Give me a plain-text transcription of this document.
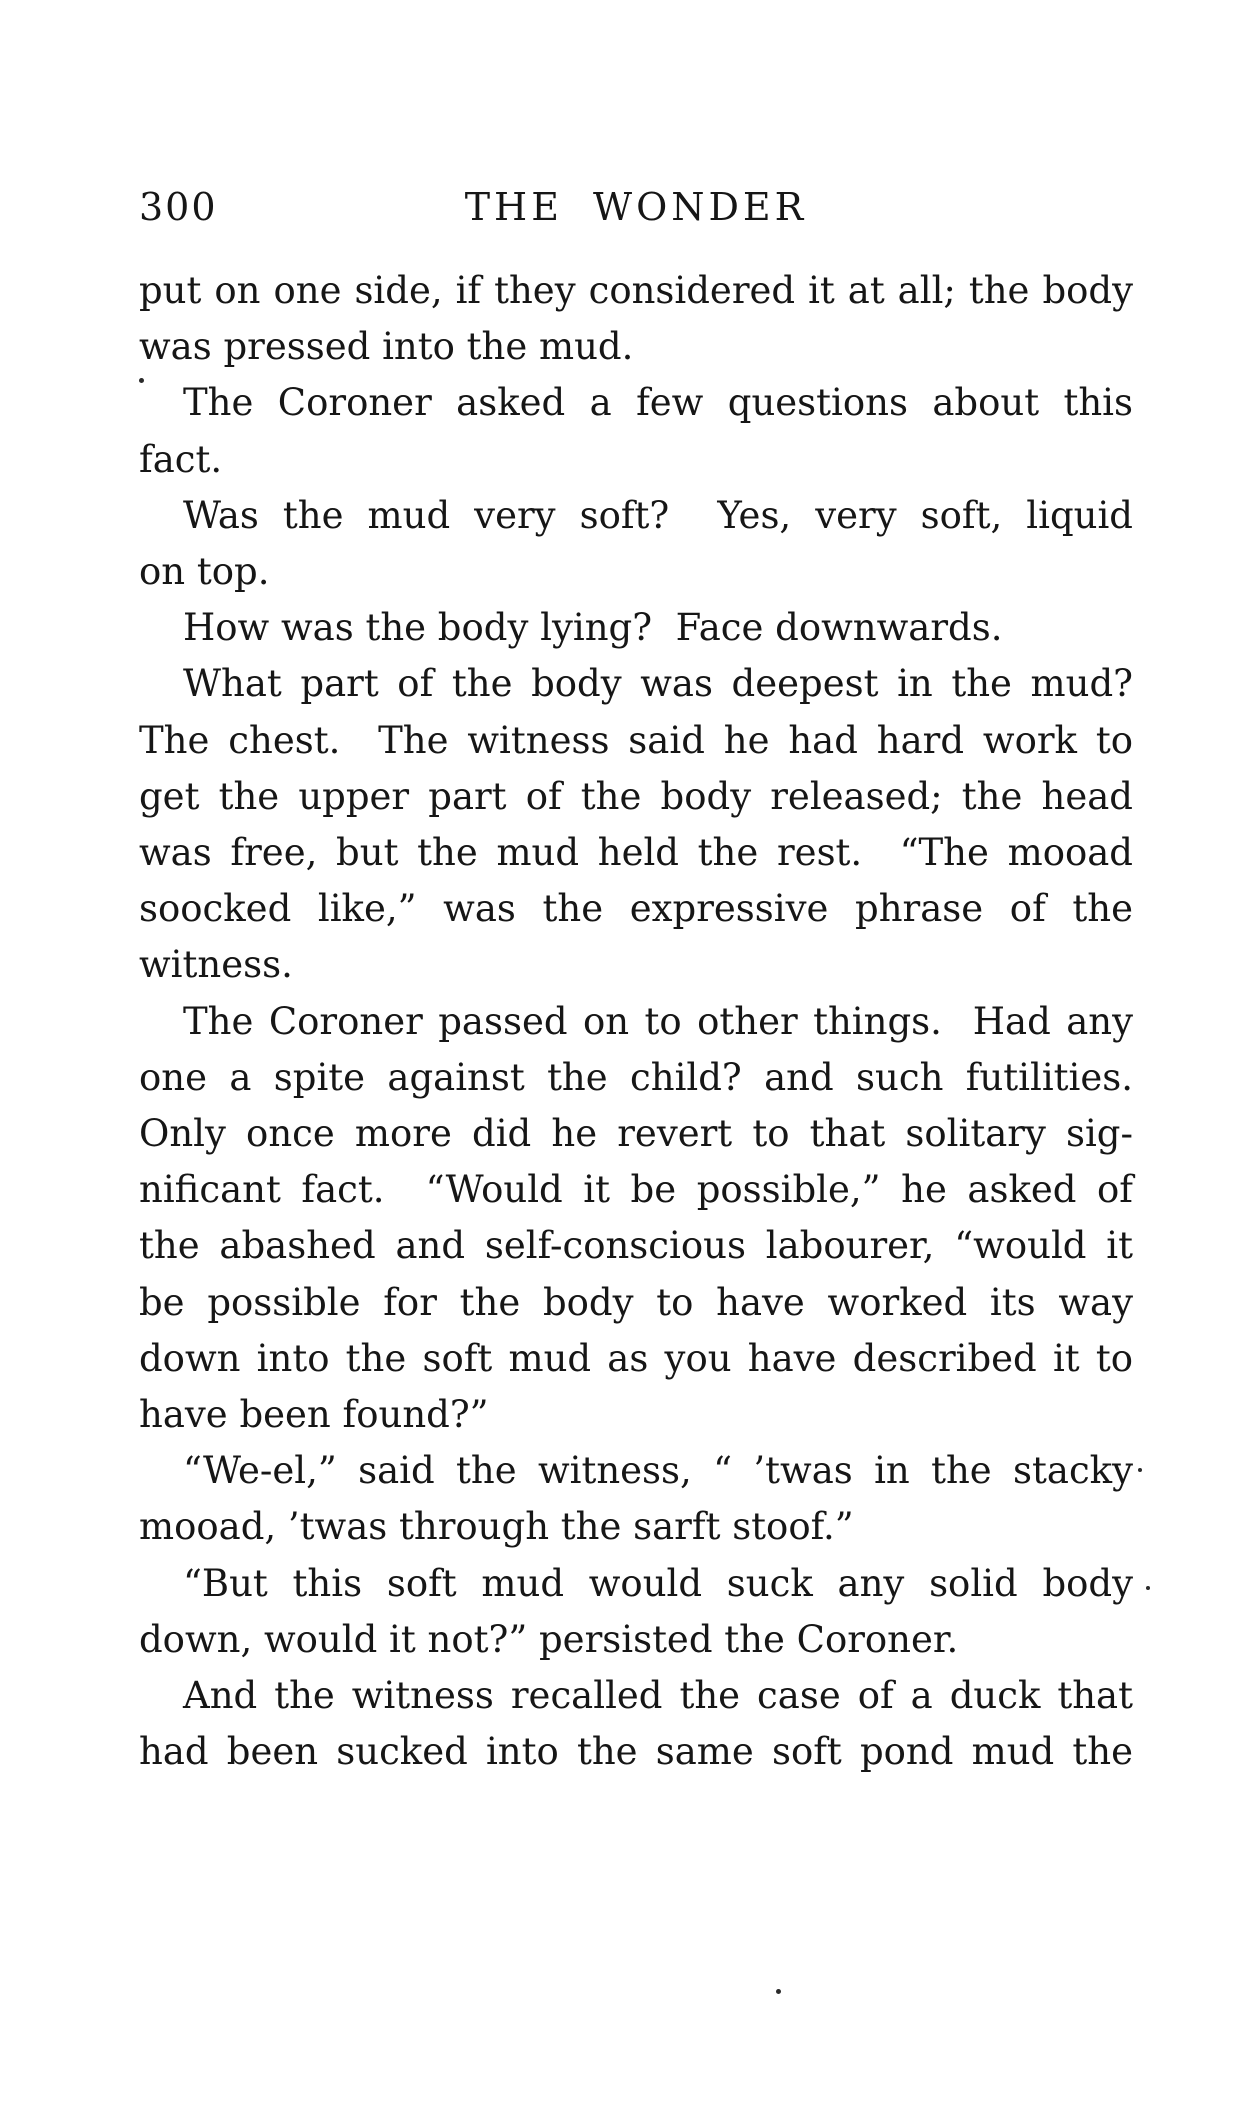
300	THE WONDER
put on one side, if they considered it at all; the body
was pressed into the mud.
The Coroner asked a few questions about this
fact.
Was the mud very soft?  Yes, very soft, liquid
on top.
How was the body lying?  Face downwards.
What part of the body was deepest in the mud?
The chest.  The witness said he had hard work to
get the upper part of the body released; the head
was free, but the mud held the rest.  “The mooad
soocked like,” was the expressive phrase of the
witness.
The Coroner passed on to other things.  Had any
one a spite against the child? and such futilities.
Only once more did he revert to that solitary sig-
nificant fact.  “Would it be possible,” he asked of
the abashed and self-conscious labourer, “would it
be possible for the body to have worked its way
down into the soft mud as you have described it to
have been found?”
“We-el,” said the witness, “ ’twas in the stacky
mooad, ’twas through the sarft stoof.”
“But this soft mud would suck any solid body
down, would it not?” persisted the Coroner.
And the witness recalled the case of a duck that
had been sucked into the same soft pond mud the
